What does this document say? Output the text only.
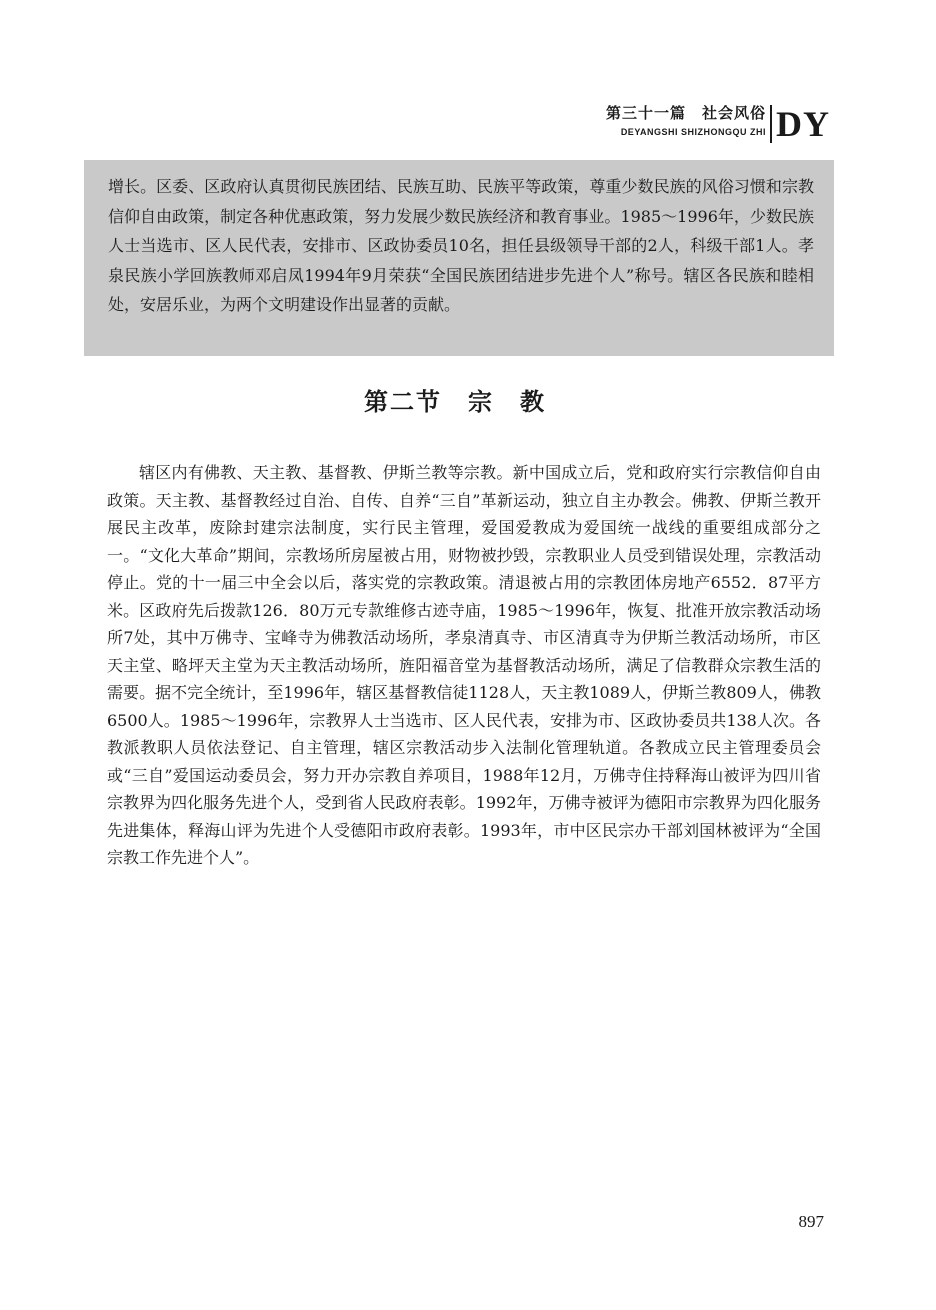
第三十一篇　社会风俗
DEYANGSHI SHIZHONGQU ZHI DY

增长。区委、区政府认真贯彻民族团结、民族互助、民族平等政策，尊重少数民族的风俗习惯和宗教信仰自由政策，制定各种优惠政策，努力发展少数民族经济和教育事业。1985～1996年，少数民族人士当选市、区人民代表，安排市、区政协委员10名，担任县级领导干部的2人，科级干部1人。孝泉民族小学回族教师邓启凤1994年9月荣获“全国民族团结进步先进个人”称号。辖区各民族和睦相处，安居乐业，为两个文明建设作出显著的贡献。

第二节 宗教

辖区内有佛教、天主教、基督教、伊斯兰教等宗教。新中国成立后，党和政府实行宗教信仰自由政策。天主教、基督教经过自治、自传、自养“三自”革新运动，独立自主办教会。佛教、伊斯兰教开展民主改革，废除封建宗法制度，实行民主管理，爱国爱教成为爱国统一战线的重要组成部分之一。“文化大革命”期间，宗教场所房屋被占用，财物被抄毁，宗教职业人员受到错误处理，宗教活动停止。党的十一届三中全会以后，落实党的宗教政策。清退被占用的宗教团体房地产6552．87平方米。区政府先后拨款126．80万元专款维修古迹寺庙，1985～1996年，恢复、批准开放宗教活动场所7处，其中万佛寺、宝峰寺为佛教活动场所，孝泉清真寺、市区清真寺为伊斯兰教活动场所，市区天主堂、略坪天主堂为天主教活动场所，旌阳福音堂为基督教活动场所，满足了信教群众宗教生活的需要。据不完全统计，至1996年，辖区基督教信徒1128人，天主教1089人，伊斯兰教809人，佛教6500人。1985～1996年，宗教界人士当选市、区人民代表，安排为市、区政协委员共138人次。各教派教职人员依法登记、自主管理，辖区宗教活动步入法制化管理轨道。各教成立民主管理委员会或“三自”爱国运动委员会，努力开办宗教自养项目，1988年12月，万佛寺住持释海山被评为四川省宗教界为四化服务先进个人，受到省人民政府表彰。1992年，万佛寺被评为德阳市宗教界为四化服务先进集体，释海山评为先进个人受德阳市政府表彰。1993年，市中区民宗办干部刘国林被评为“全国宗教工作先进个人”。

897
